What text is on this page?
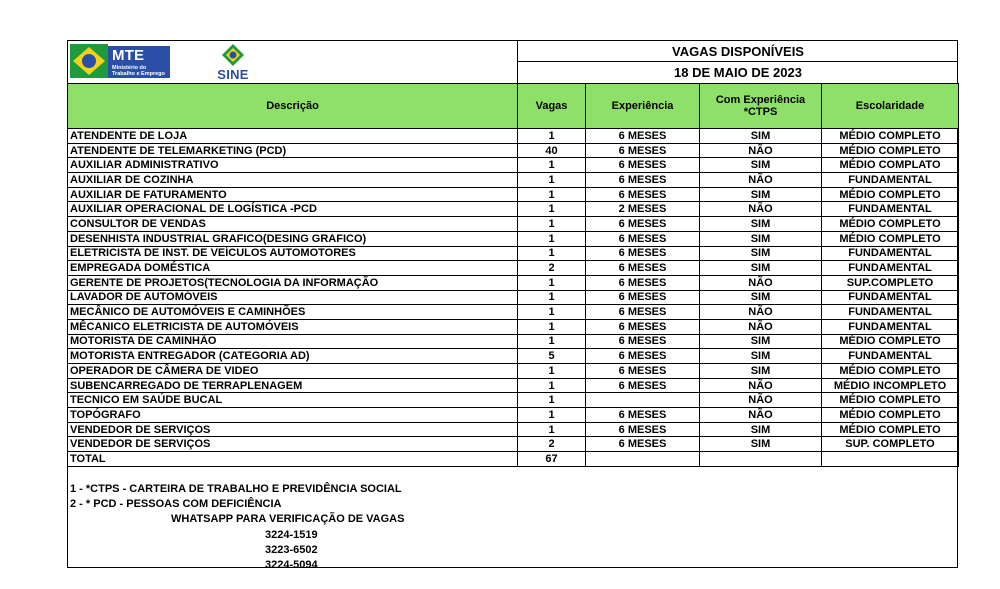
MTE
Ministério do Trabalho e Emprego	SINE
VAGAS DISPONÍVEIS
18 DE MAIO DE 2023
Descrição	Vagas	Experiência	Com Experiência *CTPS	Escolaridade
ATENDENTE DE LOJA	1	6 MESES	SIM	MÉDIO COMPLETO
ATENDENTE DE TELEMARKETING (PCD)	40	6 MESES	NÃO	MÉDIO COMPLETO
AUXILIAR ADMINISTRATIVO	1	6 MESES	SIM	MÉDIO COMPLATO
AUXILIAR DE COZINHA	1	6 MESES	NÃO	FUNDAMENTAL
AUXILIAR DE FATURAMENTO	1	6 MESES	SIM	MÉDIO COMPLETO
AUXILIAR OPERACIONAL DE LOGÍSTICA -PCD	1	2 MESES	NÃO	FUNDAMENTAL
CONSULTOR DE VENDAS	1	6 MESES	SIM	MÉDIO COMPLETO
DESENHISTA INDUSTRIAL GRAFICO(DESING GRAFICO)	1	6 MESES	SIM	MÉDIO COMPLETO
ELETRICISTA DE INST. DE VEÍCULOS AUTOMOTORES	1	6 MESES	SIM	FUNDAMENTAL
EMPREGADA DOMÉSTICA	2	6 MESES	SIM	FUNDAMENTAL
GERENTE DE PROJETOS(TECNOLOGIA DA INFORMAÇÃO	1	6 MESES	NÃO	SUP.COMPLETO
LAVADOR DE AUTOMÓVEIS	1	6 MESES	SIM	FUNDAMENTAL
MECÂNICO DE AUTOMÓVEIS E CAMINHÕES	1	6 MESES	NÃO	FUNDAMENTAL
MÊCANICO ELETRICISTA DE AUTOMÓVEIS	1	6 MESES	NÃO	FUNDAMENTAL
MOTORISTA DE CAMINHÃO	1	6 MESES	SIM	MÉDIO COMPLETO
MOTORISTA ENTREGADOR (CATEGORIA AD)	5	6 MESES	SIM	FUNDAMENTAL
OPERADOR DE CÂMERA DE VIDEO	1	6 MESES	SIM	MÉDIO COMPLETO
SUBENCARREGADO DE TERRAPLENAGEM	1	6 MESES	NÃO	MÉDIO INCOMPLETO
TECNICO EM SAÚDE BUCAL	1		NÃO	MÉDIO COMPLETO
TOPÓGRAFO	1	6 MESES	NÃO	MÉDIO COMPLETO
VENDEDOR DE SERVIÇOS	1	6 MESES	SIM	MÉDIO COMPLETO
VENDEDOR DE SERVIÇOS	2	6 MESES	SIM	SUP. COMPLETO
TOTAL	67			
1 - *CTPS - CARTEIRA DE TRABALHO E PREVIDÊNCIA SOCIAL
2 - * PCD - PESSOAS COM DEFICIÊNCIA
WHATSAPP PARA VERIFICAÇÃO DE VAGAS
3224-1519
3223-6502
3224-5094
